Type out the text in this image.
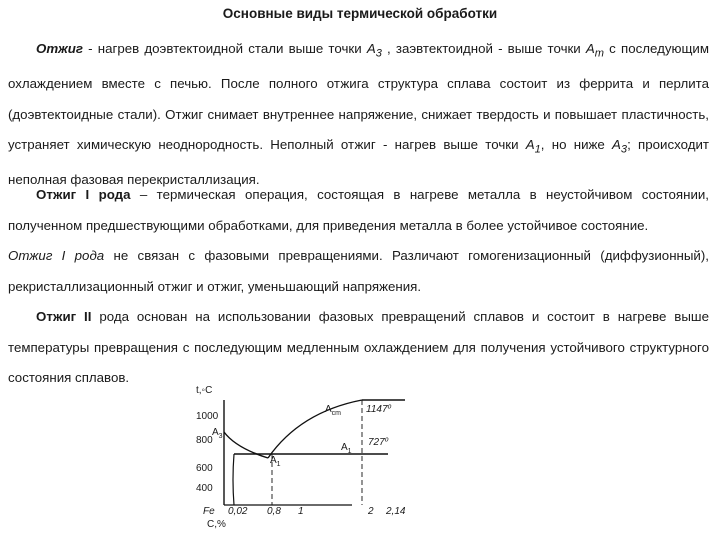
Основные виды термической обработки
Отжиг - нагрев доэвтектоидной стали выше точки $A_3$ , заэвтектоидной - выше точки $A_m$ с последующим охлаждением вместе с печью. После полного отжига структура сплава состоит из феррита и перлита (доэвтектоидные стали). Отжиг снимает внутреннее напряжение, снижает твердость и повышает пластичность, устраняет химическую неоднородность. Неполный отжиг - нагрев выше точки $A_1$, но ниже $A_3$; происходит неполная фазовая перекристаллизация.
Отжиг I рода – термическая операция, состоящая в нагреве металла в неустойчивом состоянии, полученном предшествующими обработками, для приведения металла в более устойчивое состояние.
Отжиг I рода не связан с фазовыми превращениями. Различают гомогенизационный (диффузионный), рекристаллизационный отжиг и отжиг, уменьшающий напряжения.
Отжиг II рода основан на использовании фазовых превращений сплавов и состоит в нагреве выше температуры превращения с последующим медленным охлаждением для получения устойчивого структурного состояния сплавов.
t,◦C
1000
800
600
400
$A_3$
$A_{cm}$
$A_1$
$A_1$
1147⁰
727⁰
Fe 0,02 0,8 1	2 2,14
C,%
